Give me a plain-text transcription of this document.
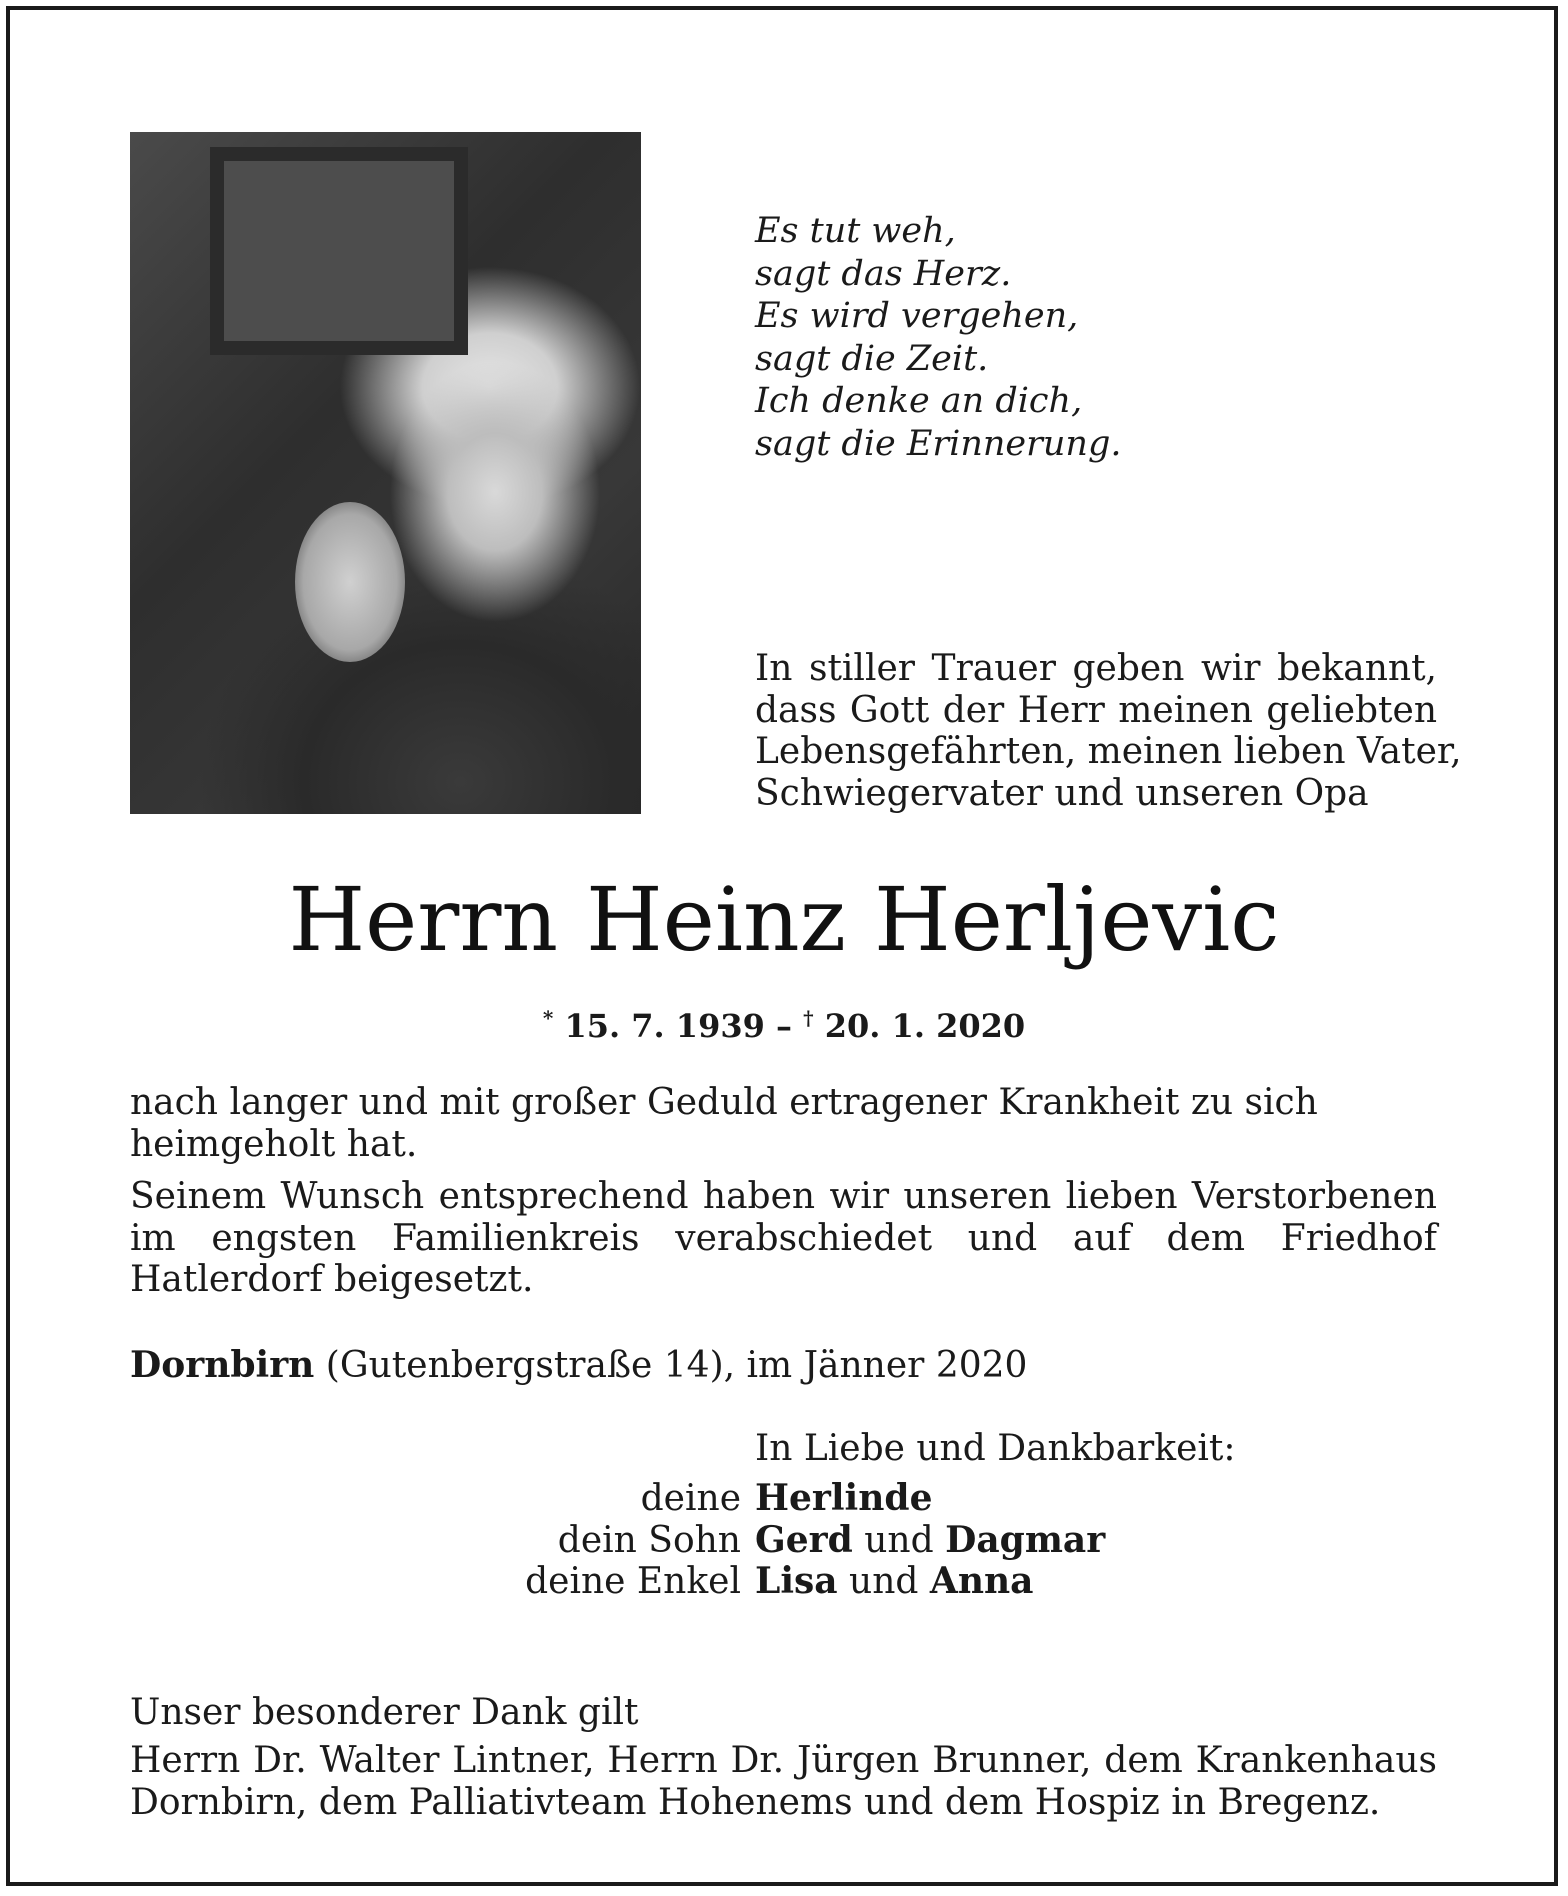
Es tut weh,
sagt das Herz.
Es wird vergehen,
sagt die Zeit.
Ich denke an dich,
sagt die Erinnerung.
In stiller Trauer geben wir bekannt,
dass Gott der Herr meinen geliebten
Lebensgefährten, meinen lieben Vater,
Schwiegervater und unseren Opa
Herrn Heinz Herljevic
* 15. 7. 1939 – † 20. 1. 2020
nach langer und mit großer Geduld ertragener Krankheit zu sich heimgeholt hat.
Seinem Wunsch entsprechend haben wir unseren lieben Verstorbenen im engsten Familienkreis verabschiedet und auf dem Friedhof Hatlerdorf beigesetzt.
Dornbirn (Gutenbergstraße 14), im Jänner 2020
In Liebe und Dankbarkeit:
deine Herlinde
dein Sohn Gerd und Dagmar
deine Enkel Lisa und Anna
Unser besonderer Dank gilt
Herrn Dr. Walter Lintner, Herrn Dr. Jürgen Brunner, dem Krankenhaus
Dornbirn, dem Palliativteam Hohenems und dem Hospiz in Bregenz.
